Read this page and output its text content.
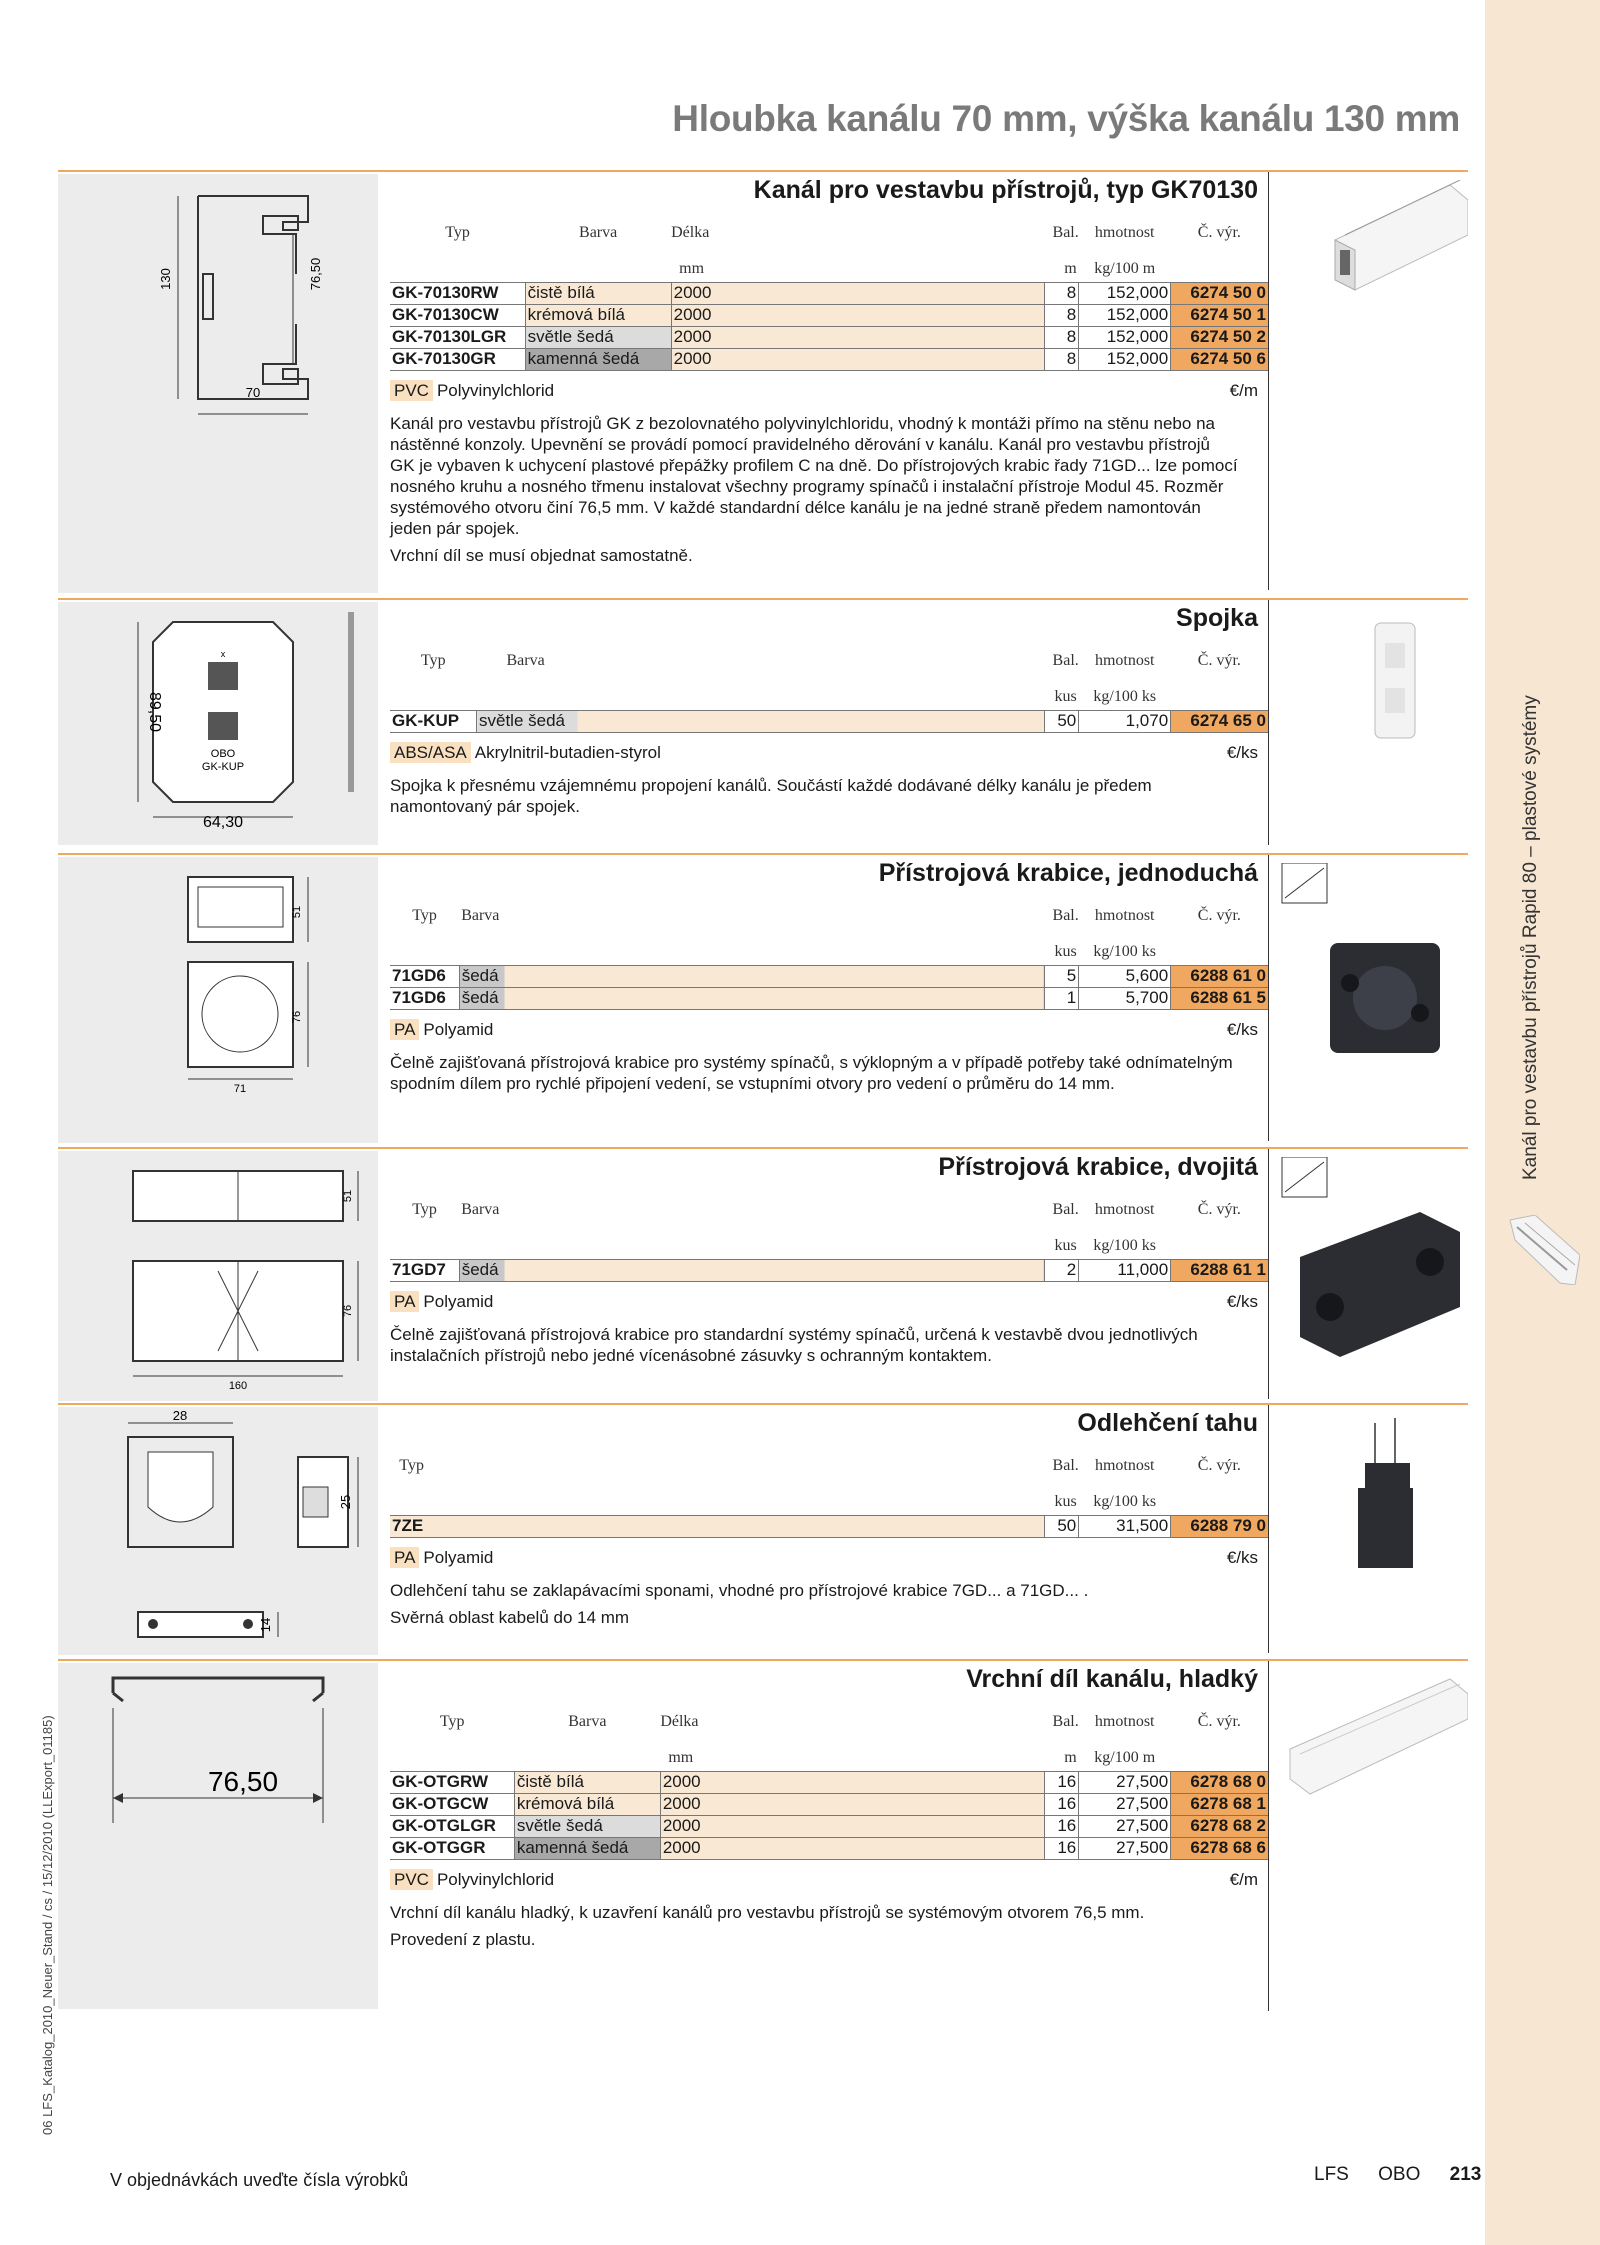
Kanál pro vestavbu přístrojů Rapid 80 – plastové systémy
06 LFS_Katalog_2010_Neuer_Stand / cs / 15/12/2010 (LLExport_01185)
Hloubka kanálu 70 mm, výška kanálu 130 mm
130	76,50
70
Kanál pro vestavbu přístrojů, typ GK70130
Typ	Barva	Délka	Bal.	hmotnost	Č. výr.
		mm	m	kg/100 m	
GK-70130RW	čistě bílá	2000	8	152,000	6274 50 0
GK-70130CW	krémová bílá	2000	8	152,000	6274 50 1
GK-70130LGR	světle šedá	2000	8	152,000	6274 50 2
GK-70130GR	kamenná šedá	2000	8	152,000	6274 50 6
PVC Polyvinylchlorid	€/m

Kanál pro vestavbu přístrojů GK z bezolovnatého polyvinylchloridu, vhodný k montáži přímo na stěnu nebo na nástěnné konzoly. Upevnění se provádí pomocí pravidelného děrování v kanálu. Kanál pro vestavbu přístrojů GK je vybaven k uchycení plastové přepážky profilem C na dně. Do přístrojových krabic řady 71GD... lze pomocí nosného kruhu a nosného třmenu instalovat všechny programy spínačů i instalační přístroje Modul 45. Rozměr systémového otvoru činí 76,5 mm. V každé standardní délce kanálu je na jedné straně předem namontován jeden pár spojek.

Vrchní díl se musí objednat samostatně.

x
OBO
GK-KUP
89,50
64,30
Spojka
Typ	Barva	Bal.	hmotnost	Č. výr.
		kus	kg/100 ks	
GK-KUP	světle šedá	50	1,070	6274 65 0
ABS/ASA Akrylnitril-butadien-styrol	€/ks

Spojka k přesnému vzájemnému propojení kanálů. Součástí každé dodávané délky kanálu je předem namontovaný pár spojek.

51
76
71
Přístrojová krabice, jednoduchá
Typ	Barva	Bal.	hmotnost	Č. výr.
		kus	kg/100 ks	
71GD6	šedá	5	5,600	6288 61 0
71GD6	šedá	1	5,700	6288 61 5
PA Polyamid	€/ks

Čelně zajišťovaná přístrojová krabice pro systémy spínačů, s výklopným a v případě potřeby také odnímatelným spodním dílem pro rychlé připojení vedení, se vstupními otvory pro vedení o průměru do 14 mm.

51
76
160
Přístrojová krabice, dvojitá
Typ	Barva	Bal.	hmotnost	Č. výr.
		kus	kg/100 ks	
71GD7	šedá	2	11,000	6288 61 1
PA Polyamid	€/ks

Čelně zajišťovaná přístrojová krabice pro standardní systémy spínačů, určená k vestavbě dvou jednotlivých instalačních přístrojů nebo jedné vícenásobné zásuvky s ochranným kontaktem.

28
25
14
Odlehčení tahu
Typ		Bal.	hmotnost	Č. výr.
		kus	kg/100 ks	
7ZE		50	31,500	6288 79 0
PA Polyamid	€/ks

Odlehčení tahu se zaklapávacími sponami, vhodné pro přístrojové krabice 7GD... a 71GD... .

Svěrná oblast kabelů do 14 mm

76,50
Vrchní díl kanálu, hladký
Typ	Barva	Délka	Bal.	hmotnost	Č. výr.
		mm	m	kg/100 m	
GK-OTGRW	čistě bílá	2000	16	27,500	6278 68 0
GK-OTGCW	krémová bílá	2000	16	27,500	6278 68 1
GK-OTGLGR	světle šedá	2000	16	27,500	6278 68 2
GK-OTGGR	kamenná šedá	2000	16	27,500	6278 68 6
PVC Polyvinylchlorid	€/m

Vrchní díl kanálu hladký, k uzavření kanálů pro vestavbu přístrojů se systémovým otvorem 76,5 mm.

Provedení z plastu.

V objednávkách uveďte čísla výrobků	LFS OBO 213
